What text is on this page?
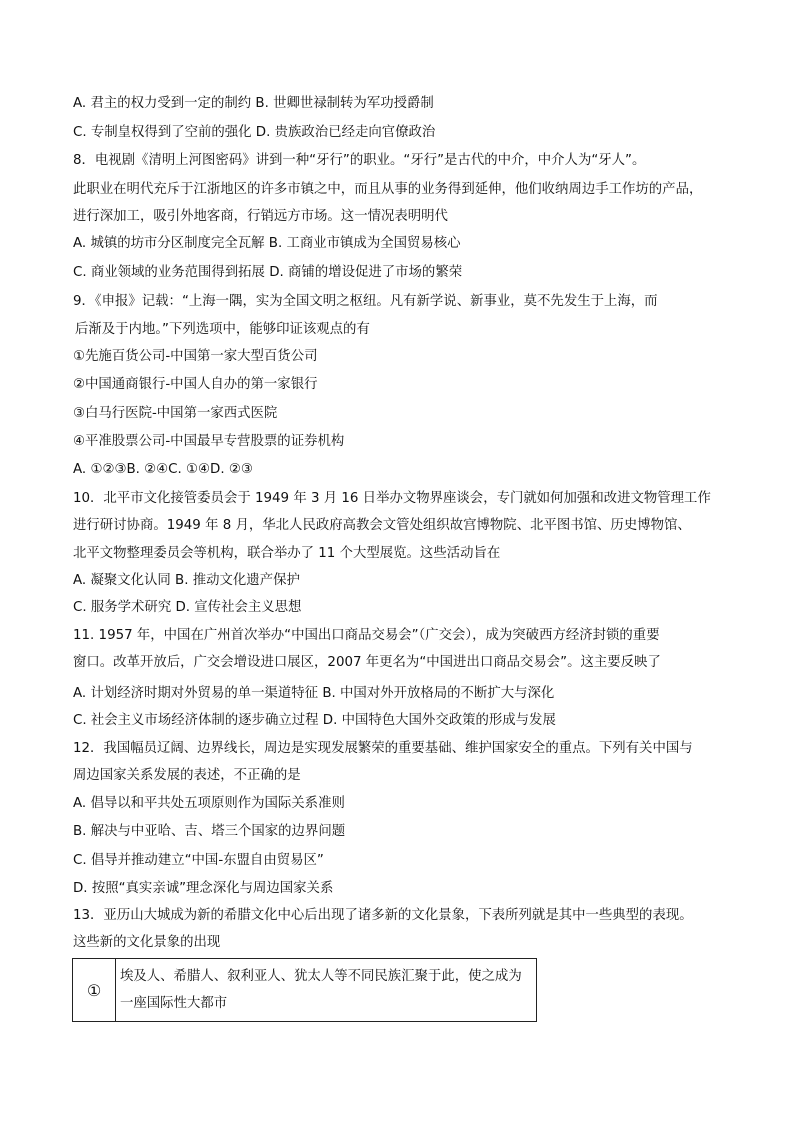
A. 君主的权力受到一定的制约 B. 世卿世禄制转为军功授爵制
C. 专制皇权得到了空前的强化 D. 贵族政治已经走向官僚政治
8．电视剧《清明上河图密码》讲到一种“牙行”的职业。“牙行”是古代的中介，中介人为“牙人”。
此职业在明代充斥于江浙地区的许多市镇之中，而且从事的业务得到延伸，他们收纳周边手工作坊的产品，
进行深加工，吸引外地客商，行销远方市场。这一情况表明明代
A. 城镇的坊市分区制度完全瓦解 B. 工商业市镇成为全国贸易核心
C. 商业领域的业务范围得到拓展 D. 商铺的增设促进了市场的繁荣
9．《申报》记载：“上海一隅，实为全国文明之枢纽。凡有新学说、新事业，莫不先发生于上海，而
后渐及于内地。”下列选项中，能够印证该观点的有
①先施百货公司-中国第一家大型百货公司
②中国通商银行-中国人自办的第一家银行
③白马行医院-中国第一家西式医院
④平准股票公司-中国最早专营股票的证券机构
A. ①②③B. ②④C. ①④D. ②③
10．北平市文化接管委员会于 1949 年 3 月 16 日举办文物界座谈会，专门就如何加强和改进文物管理工作
进行研讨协商。1949 年 8 月，华北人民政府高教会文管处组织故宫博物院、北平图书馆、历史博物馆、
北平文物整理委员会等机构，联合举办了 11 个大型展览。这些活动旨在
A. 凝聚文化认同 B. 推动文化遗产保护
C. 服务学术研究 D. 宣传社会主义思想
11. 1957 年，中国在广州首次举办“中国出口商品交易会”（广交会），成为突破西方经济封锁的重要
窗口。改革开放后，广交会增设进口展区，2007 年更名为“中国进出口商品交易会”。这主要反映了
A. 计划经济时期对外贸易的单一渠道特征 B. 中国对外开放格局的不断扩大与深化
C. 社会主义市场经济体制的逐步确立过程 D. 中国特色大国外交政策的形成与发展
12．我国幅员辽阔、边界线长，周边是实现发展繁荣的重要基础、维护国家安全的重点。下列有关中国与
周边国家关系发展的表述，不正确的是
A. 倡导以和平共处五项原则作为国际关系准则
B. 解决与中亚哈、吉、塔三个国家的边界问题
C. 倡导并推动建立“中国-东盟自由贸易区”
D. 按照“真实亲诚”理念深化与周边国家关系
13．亚历山大城成为新的希腊文化中心后出现了诸多新的文化景象，下表所列就是其中一些典型的表现。
这些新的文化景象的出现
①	
埃及人、希腊人、叙利亚人、犹太人等不同民族汇聚于此，使之成为
一座国际性大都市
